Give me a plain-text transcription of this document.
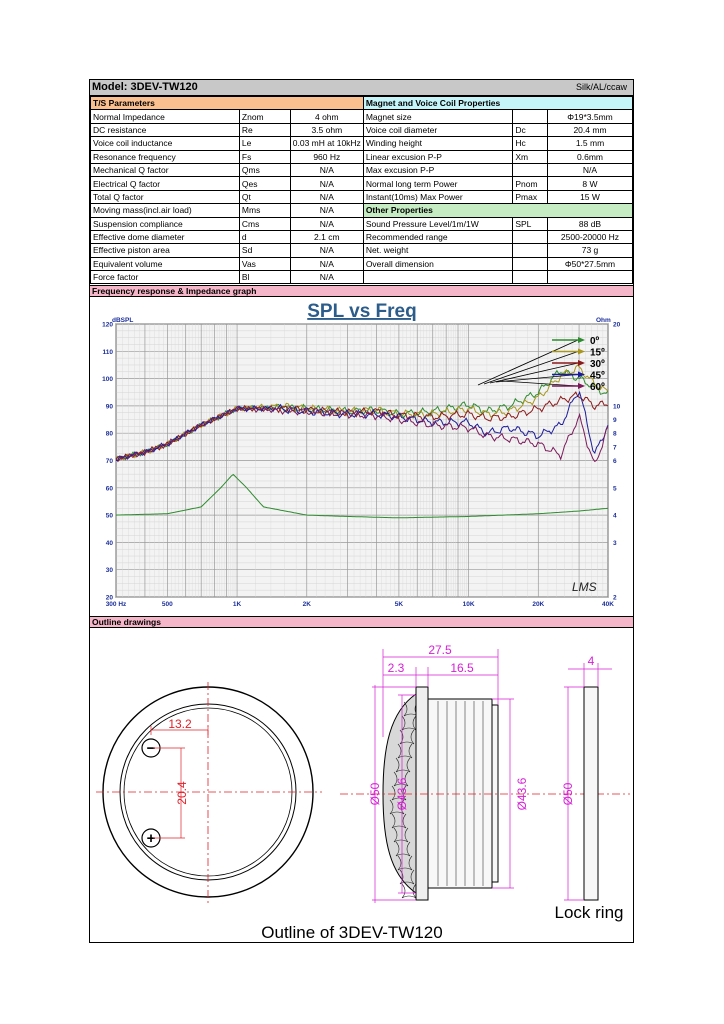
Model: 3DEV-TW120	Silk/AL/ccaw
T/S Parameters			Magnet and Voice Coil Properties		
Normal Impedance	Znom	4 ohm	Magnet size		Φ19*3.5mm
DC resistance	Re	3.5 ohm	Voice coil diameter	Dc	20.4 mm
Voice coil inductance	Le	0.03 mH at 10kHz	Winding height	Hc	1.5 mm
Resonance frequency	Fs	960 Hz	Linear excusion P-P	Xm	0.6mm
Mechanical Q factor	Qms	N/A	Max excusion P-P		N/A
Electrical Q factor	Qes	N/A	Normal long term Power	Pnom	8 W
Total Q factor	Qt	N/A	Instant(10ms) Max Power	Pmax	15 W
Moving mass(incl.air load)	Mms	N/A	Other Properties		
Suspension compliance	Cms	N/A	Sound Pressure Level/1m/1W	SPL	88 dB
Effective dome diameter	d	2.1 cm	Recommended range		2500-20000 Hz
Effective piston area	Sd	N/A	Net. weight		73 g
Equivalent volume	Vas	N/A	Overall dimension		Φ50*27.5mm
Force factor	Bl	N/A			
Frequency response & Impedance graph
300 Hz	500	1K	2K	5K	10K	20K	40K
120
110
100
90
80
70
60
50
40
30
20
20
10
9
8
7
6
5
4
3
2
0º
15º
30º
45º
60º
SPL vs Freq
dBSPL	Ohm
LMS
Outline drawings
−
+
13.2
20.4
27.5
2.3	16.5
Ø50 Ø43.6	Ø43.6
4
Ø50
Lock ring
Outline of 3DEV-TW120
